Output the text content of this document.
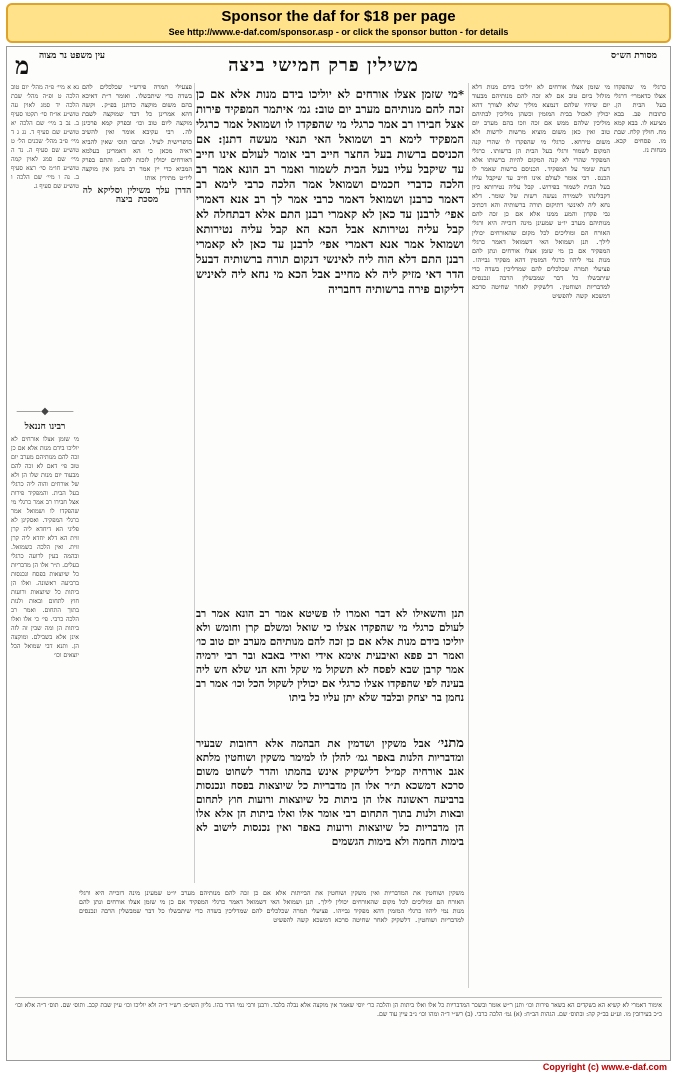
Sponsor the daf for $18 per page
See http://www.e-daf.com/sponsor.asp - or click the sponsor button - for details
מסורת הש״ס
משילין פרק חמישי ביצה
עין משפט נר מצוה
מ
כרגלי מי שהפקדו אצלו כדאמרי׳ דרגלי בעל הבית הן. כתובות פב. בבא מציעא לו. בבא קמא מח. חולין קלח. שבת מו. פסחים קכא. מנחות נז.
מי שזמן אצלו אורחים לא יוליכו בידם מנות דלא מזלזל ביום טוב אם לא זכה להם מנותיהם מבעוד יום שיהיו שלהם דנמצא מוליך שלא לצורך דהא יכולין לאכול בבית המזמין וכשהן מוליכין לבתיהם מוליכין שלהם ממש אם זכה וזכו בהם מערב יום טוב ואין כאן משום מוציא מרשות לרשות ולא משום טירחא. כרגלי מי שהפקדו לו שהרי קנה המקום לשמור ורגלי בעל הבית הן ברשותו. כרגלי המפקיד שהרי לא קנה המקום להיות ברשותו אלא דעת שומר על המפקיד. הכניסם ברשות שאמר לו הכנס. רבי אומר לעולם אינו חייב עד שיקבל עליו בעל הבית לשמור בפירוש. קבל עליה נטירותא כיון דקבלינהו לשמירה נעשה רשות של שומר. דלא נחא ליה לאינשי דתיקום תורה ברשותיה והא דכתיב גבי פקדון והמע ממנו אלא אם כן זכה להם מנותיהם מערב יו״ט שמעינן מינה דזכייה היא ורגלי האורח הם ומוליכים לכל מקום שהאורחים יכולין לילך. תנן ושמואל האי דשמואל דאמר כרגלי המפקיד אם כן מי שזמן אצלו אורחים ונתן להם מנות נמי ליהוו כרגלי המזמין דהא מפקיד גבייהו. פציעלי תמרה שכלכלים להם שמדליכין בשדה כדי שיתבשלו כל דבר שמבשלין הרבה ונכנסים למדבריות ושוחטין. דלשקיק לאחר שחיטה סרכא דמשכא קשה להפשיט
*מי שזמן אצלו אורחים לא יוליכו בידם מנות אלא אם כן זכה להם מנותיהם מערב יום טוב: גמ׳ איתמר המפקיד פירות אצל חבירו רב אמר כרגלי מי שהפקדו לו ושמואל אמר כרגלי המפקיד לימא רב ושמואל האי תנאי מעשה דתנן: אם הכניסם ברשות בעל החצר חייב רבי אומר לעולם אינו חייב עד שיקבל עליו בעל הבית לשמור ואמר רב הונא אמר רב הלכה כדברי חכמים ושמואל אמר הלכה כרבי לימא רב דאמר כרבנן ושמואל דאמר כרבי אמר לך רב אנא דאמרי אפי׳ לרבנן עד כאן לא קאמרי רבנן התם אלא דבתחלה לא קבל עליה נטירותא אבל הכא הא קבל עליה נטירותא ושמואל אמר אנא דאמרי אפי׳ לרבנן עד כאן לא קאמרי רבנן התם דלא הוה ליה לאינשי דנקום תורה ברשותיה דבעל הדר דאי מזיק ליה לא מחייב אבל הכא מי נחא ליה לאיניש דליקום פירה ברשותיה דחבריה
תנן והשאילו לא דבר ואמרו לו פשיטא אמר רב הונא אמר רב לעולם כרגלי מי שהפקדו אצלו כי שואל ומשלם קרן וחומש ולא יוליכו בידם מנות אלא אם כן זכה להם מנותיהם מערב יום טוב כו׳ ואמר רב פפא ואיבעית אימא אידי ואידי באבא ובר רבי ירמיה אמר קרבן שבא לפסח לא תשקול מי שקל והא הני שלא חש ליה בעינה לפי שהפקדו אצלו כרגלי אם יכולין לשקול הכל וכו׳ אמר רב נחמן בר יצחק ובלבד שלא יתן עליו כל ביתו
מתני׳ אבל משקין ושדמין את הבהמה אלא רחובות שבעיר ומדבריות הלנות באפר גמ׳ להלן לו למימר משקין ושוחטין מלתא אגב אורחיה קמ״ל דלישקיק אינש בהמתו והדר לשחוט משום סרכא דמשכא ת״ר אלו הן מדבריות כל שיוצאות בפסח ונכנסות ברביעה ראשונה אלו הן ביתות כל שיוצאות ורועות חוץ לתחום ובאות ולנות בתוך התחום רבי אומר אלו ואלו ביתות הן אלא אלו הן מדבריות כל שיוצאות ורועות באפר ואין נכנסות לישוב לא בימות החמה ולא בימות הגשמים
פצעילי תמרה פירש״י שכלכלים להם בשדה כדי שיתבשלו. ואומר ר״ת דאיכא בהם משום מוקצה כדתנן בפ״ק. וקשה דהא אמרינן כל דבר שמוקצה לשבת מוקצה ליום טוב וכו׳ ובפרק קמא פרכינן לה. רבי עקיבא אומר ואין להשיב כדפרישית לעיל. וכתבו תוס׳ שאין להביא ראיה מכאן כי הא דאמרינן בעלמא דאורחים יכולין לזכות להם. והתם בפרק המביא כדי יין אמר רב נחמן אין מוקצה ליו״ט מתירין אותו
הדרן עלך משילין וסליקא לה מסכת ביצה
נא א מיי׳ פ״ה מהל׳ יום טוב הלכה ט ופ״ה מהל׳ שבת הלכה יד סמג לאוין עה טוש״ע או״ח סי׳ תקטו סעיף ב. נב ב מיי׳ שם הלכה יא טוש״ע שם סעיף ד. נג ג ד מיי׳ פ״ב מהל׳ שכנים הל׳ ט טוש״ע שם סעיף ה. נד ה מיי׳ שם סמג לאוין קמה טוש״ע חו״מ סי׳ רצא סעיף ב. נה ו מיי׳ שם הלכה ו טוש״ע שם סעיף ג.
⸻◆⸻
רבינו חננאל
מי שזמן אצלו אורחים לא יוליכו בידם מנות אלא אם כן זכה להם מנותיהם מערב יום טוב פי׳ דאם לא זכה להם מבעוד יום מנות שלו הן ולא של אורחים והוה ליה כרגלי בעל הבית. והמפקיד פירות אצל חבירו רב אמר כרגלי מי שהפקדו לו ושמואל אמר כרגלי המפקיד. ואסקינן לא פליגי הא דיחדא ליה קרן זוית הא דלא יחדא ליה קרן זוית. ואין הלכה כשמואל. ובהמה בעין לרועה כרגלי בעלים. ת״ר אלו הן מדבריות כל שיוצאות בפסח ונכנסות ברביעה ראשונה. ואלו הן ביתות כל שיוצאות ורועות חוץ לתחום ובאות ולנות בתוך התחום. ואמר רב הלכה כרבי. פי׳ כי אלו ואלו ביתות הן ומה שבין זה לזה אינן אלא בשבילם. ומוקצה הן. ותנא דבי שמואל הכל יוצאים וכו׳
משקין ושוחטין את המדבריות ואין משקין ושוחטין את הבייתות אלא אם כן זכה להם מנותיהם מערב יו״ט שמעינן מינה דזכייה היא ורגלי האורח הם ומוליכים לכל מקום שהאורחים יכולין לילך. תנן ושמואל האי דשמואל דאמר כרגלי המפקיד אם כן מי שזמן אצלו אורחים ונתן להם מנות נמי ליהוו כרגלי המזמין דהא מפקיד גבייהו. פציעלי תמרה שכלכלים להם שמדליכין בשדה כדי שיתבשלו כל דבר שמבשלין הרבה ונכנסים למדבריות ושוחטין. דלשקיק לאחר שחיטה סרכא דמשכא קשה להפשיט
אימור דאמרי לא קשיא הא בשקדים הא בשאר פירות וכו׳ ותנן ר״ש אומר ובשכר המדבריות כל אלו ואלו ביתות הן והלכה כר׳ יוסי שאמר אין מוקצה אלא נבלה בלבד. ורבנן ורבי נמי הדר בהו. גליון הש״ס: רש״י ד״ה ולא יוליכו וכו׳ עיין שבת קכב. ותוס׳ שם. תוס׳ ד״ה אלא וכו׳ כ״כ בעירובין מו. וע״ע בב״ק קה: ובתוס׳ שם. הגהות הב״ח: (א) גמ׳ הלכה כרבי. (ב) רש״י ד״ה ומהו וכו׳ נ״ב עיין עוד שם.
Copyright (c) www.e-daf.com
